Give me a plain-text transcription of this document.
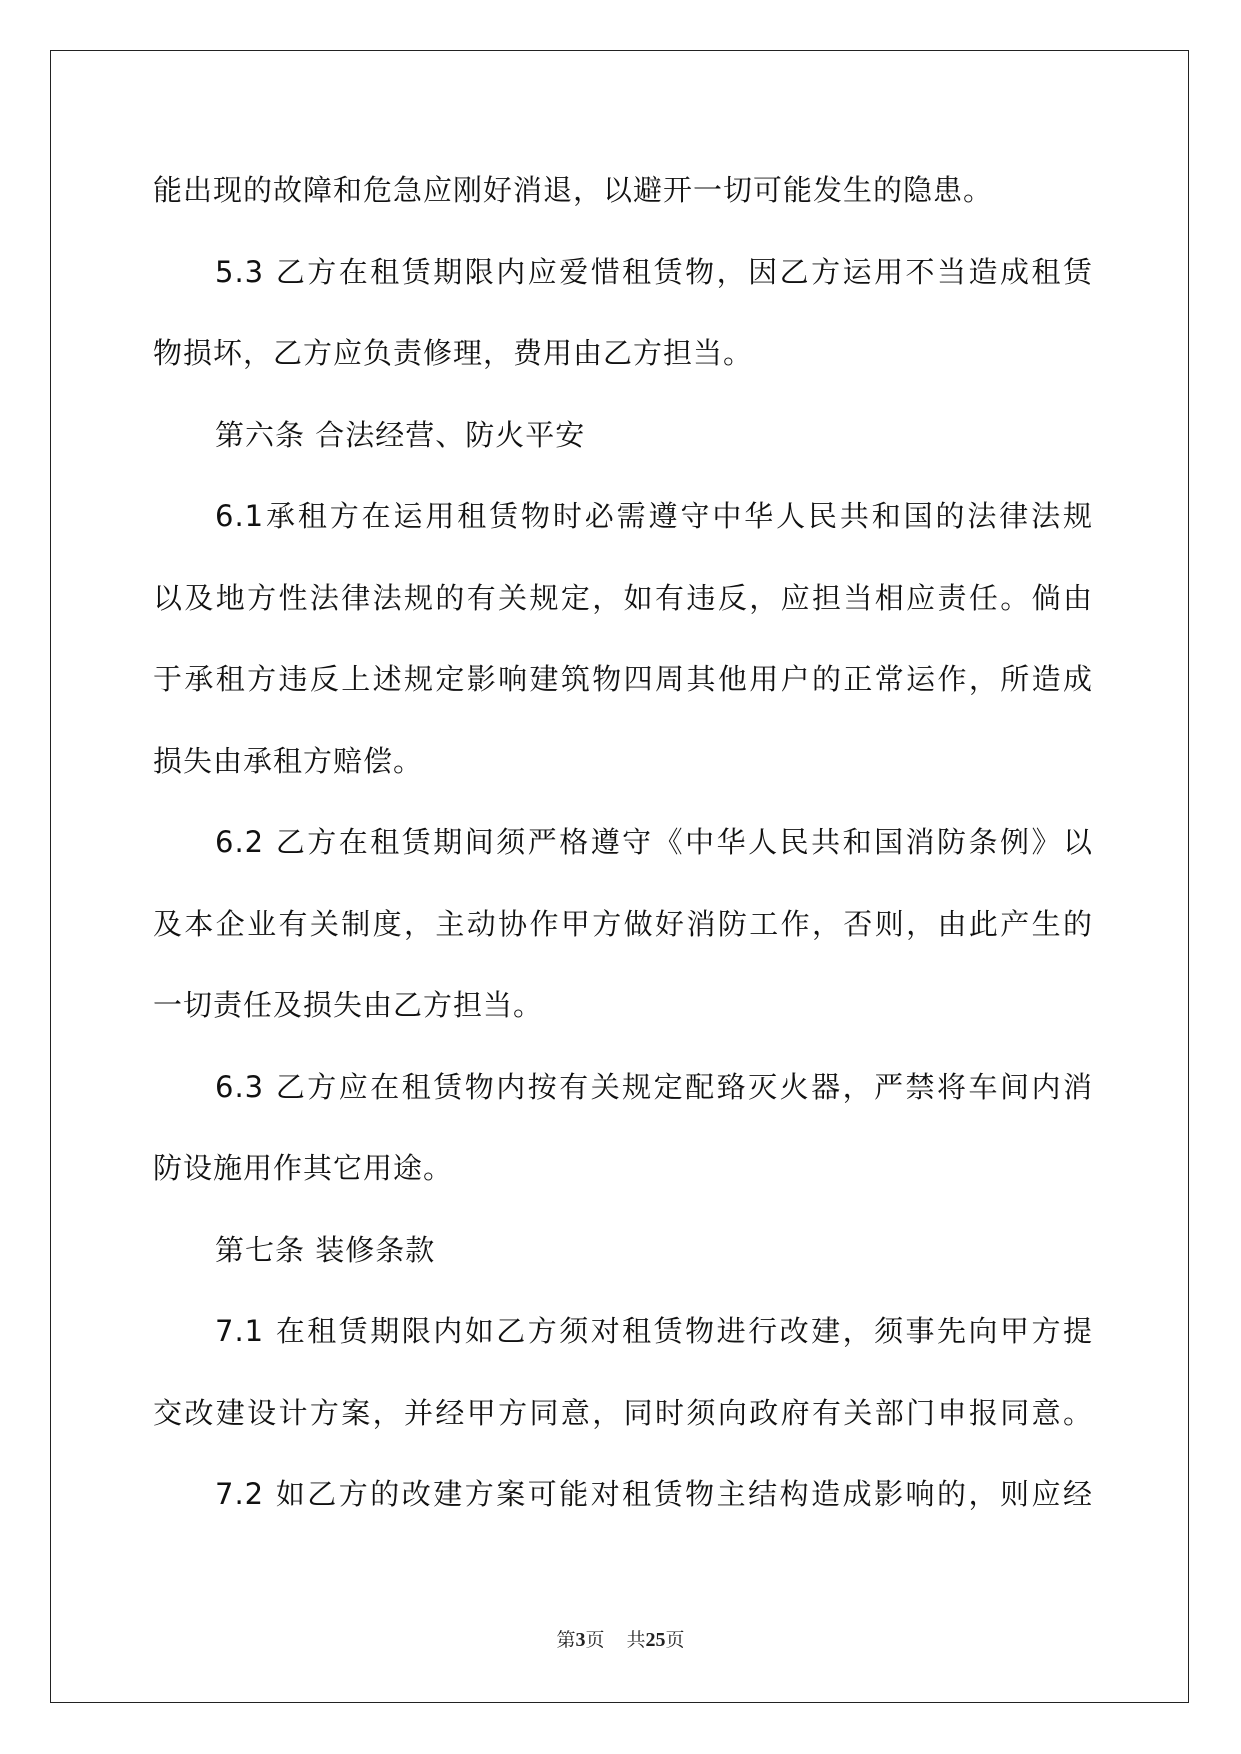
能出现的故障和危急应刚好消退，以避开一切可能发生的隐患。
5.3 乙方在租赁期限内应爱惜租赁物，因乙方运用不当造成租赁
物损坏，乙方应负责修理，费用由乙方担当。
第六条 合法经营、防火平安
6.1承租方在运用租赁物时必需遵守中华人民共和国的法律法规
以及地方性法律法规的有关规定，如有违反，应担当相应责任。倘由
于承租方违反上述规定影响建筑物四周其他用户的正常运作，所造成
损失由承租方赔偿。
6.2 乙方在租赁期间须严格遵守《中华人民共和国消防条例》以
及本企业有关制度，主动协作甲方做好消防工作，否则，由此产生的
一切责任及损失由乙方担当。
6.3 乙方应在租赁物内按有关规定配臵灭火器，严禁将车间内消
防设施用作其它用途。
第七条 装修条款
7.1 在租赁期限内如乙方须对租赁物进行改建，须事先向甲方提
交改建设计方案，并经甲方同意，同时须向政府有关部门申报同意。
7.2 如乙方的改建方案可能对租赁物主结构造成影响的，则应经
第3页 共25页
